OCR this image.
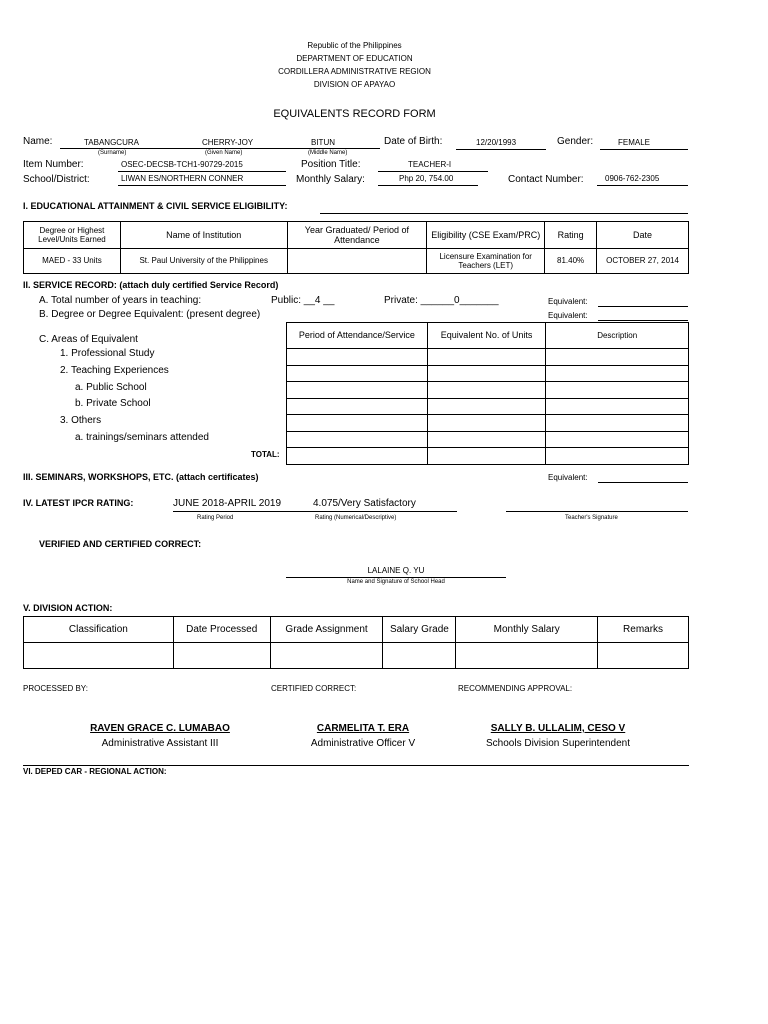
Republic of the Philippines
DEPARTMENT OF EDUCATION
CORDILLERA ADMINISTRATIVE REGION
DIVISION OF APAYAO
EQUIVALENTS RECORD FORM
Name:	TABANGCURA	CHERRY-JOY	BITUN
(Surname)	(Given Name)	(Middle Name)
Date of Birth:	12/20/1993	Gender:	FEMALE
Item Number:	OSEC-DECSB-TCH1-90729-2015	Position Title:	TEACHER-I
School/District:	LIWAN ES/NORTHERN CONNER	Monthly Salary:	Php 20, 754.00	Contact Number:	0906-762-2305
I. EDUCATIONAL ATTAINMENT & CIVIL SERVICE ELIGIBILITY:
Degree or Highest Level/Units Earned	Name of Institution	Year Graduated/ Period of Attendance	Eligibility (CSE Exam/PRC)	Rating	Date
MAED - 33 Units	St. Paul University of the Philippines		Licensure Examination for Teachers (LET)	81.40%	OCTOBER 27, 2014
II. SERVICE RECORD: (attach duly certified Service Record)
A. Total number of years in teaching:	Public: __4 __	Private: ______0_______	Equivalent:
B. Degree or Degree Equivalent: (present degree)	Equivalent:
C. Areas of Equivalent
1. Professional Study
2. Teaching Experiences
a. Public School
b. Private School
3. Others
a. trainings/seminars attended
TOTAL:
Period of Attendance/Service	Equivalent No. of Units	Description

III. SEMINARS, WORKSHOPS, ETC. (attach certificates)	Equivalent:
IV. LATEST IPCR RATING:	JUNE 2018-APRIL 2019	4.075/Very Satisfactory
Rating Period	Rating (Numerical/Descriptive)	Teacher's Signature
VERIFIED AND CERTIFIED CORRECT:
LALAINE Q. YU
Name and Signature of School Head
V. DIVISION ACTION:
Classification	Date Processed	Grade Assignment	Salary Grade	Monthly Salary	Remarks

PROCESSED BY:	CERTIFIED CORRECT:	RECOMMENDING APPROVAL:
RAVEN GRACE C. LUMABAO
Administrative Assistant III
CARMELITA T. ERA
Administrative Officer V
SALLY B. ULLALIM, CESO V
Schools Division Superintendent
VI. DEPED CAR - REGIONAL ACTION:
